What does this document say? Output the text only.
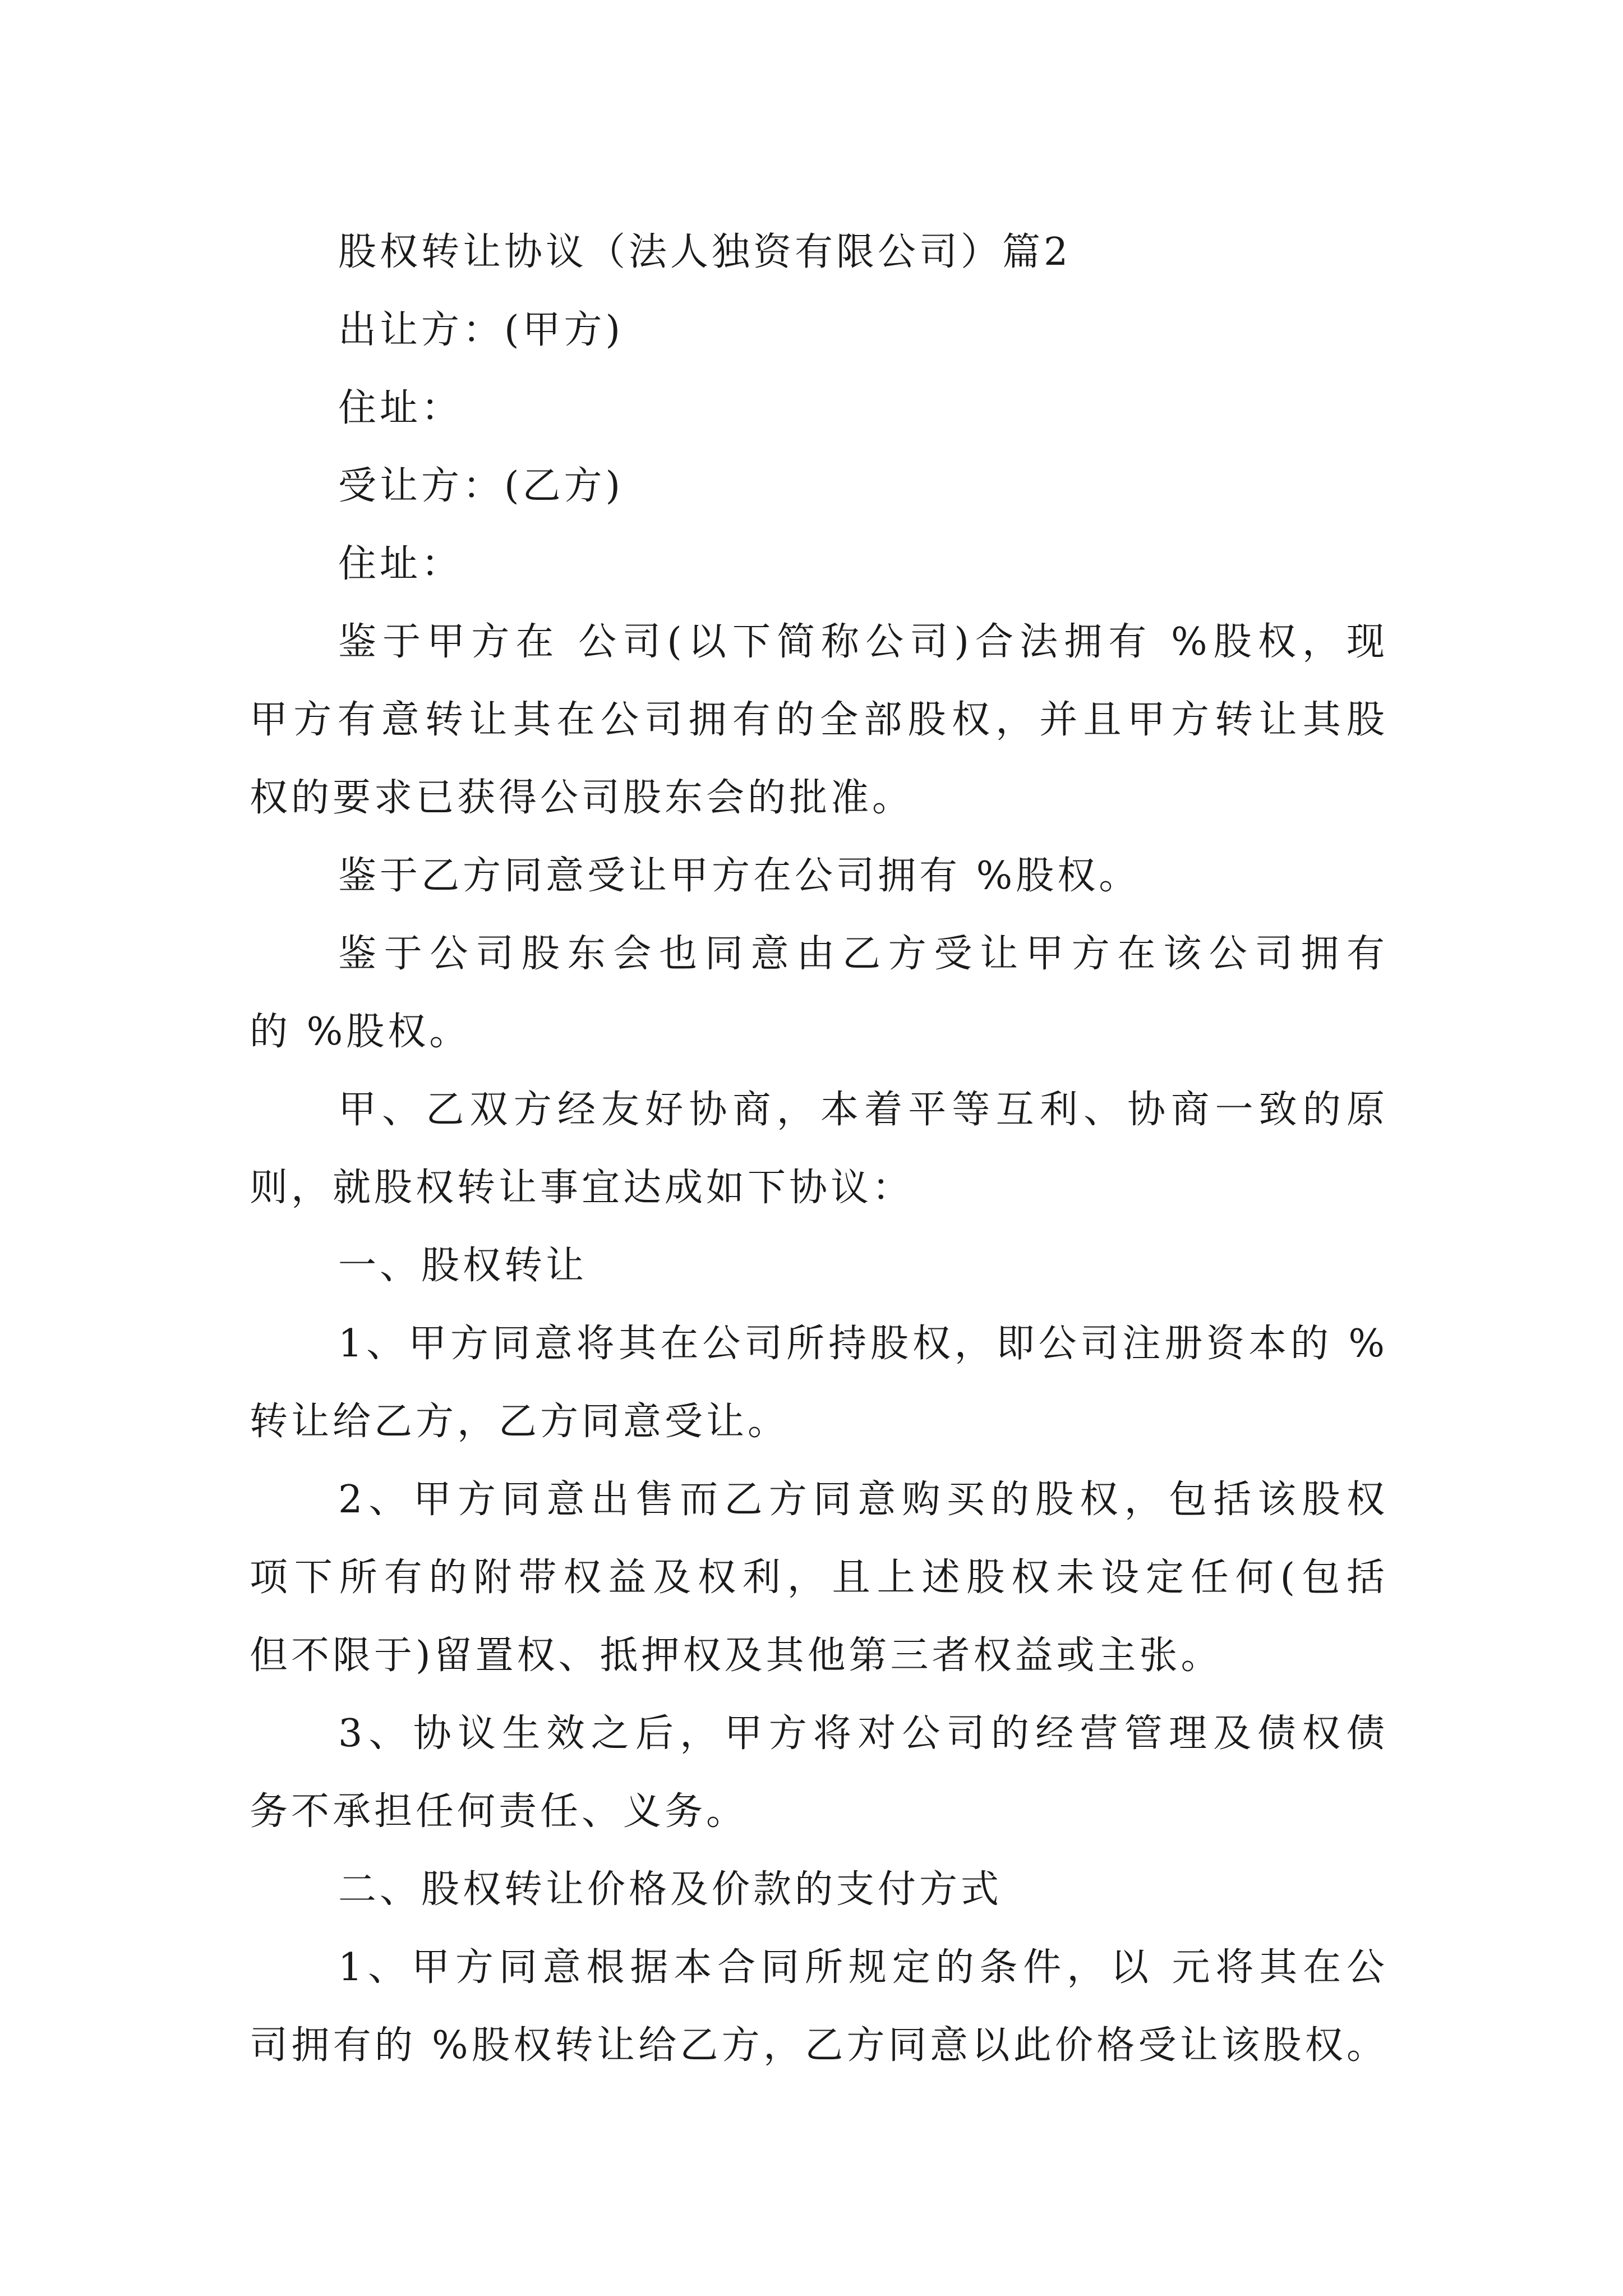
股权转让协议（法人独资有限公司）篇2
出让方：(甲方)
住址：
受让方：(乙方)
住址：
鉴于甲方在 公司(以下简称公司)合法拥有 %股权，现
甲方有意转让其在公司拥有的全部股权，并且甲方转让其股
权的要求已获得公司股东会的批准。
鉴于乙方同意受让甲方在公司拥有 %股权。
鉴于公司股东会也同意由乙方受让甲方在该公司拥有
的 %股权。
甲、乙双方经友好协商，本着平等互利、协商一致的原
则，就股权转让事宜达成如下协议：
一、股权转让
1、甲方同意将其在公司所持股权，即公司注册资本的 %
转让给乙方，乙方同意受让。
2、甲方同意出售而乙方同意购买的股权，包括该股权
项下所有的附带权益及权利，且上述股权未设定任何(包括
但不限于)留置权、抵押权及其他第三者权益或主张。
3、协议生效之后，甲方将对公司的经营管理及债权债
务不承担任何责任、义务。
二、股权转让价格及价款的支付方式
1、甲方同意根据本合同所规定的条件，以 元将其在公
司拥有的 %股权转让给乙方，乙方同意以此价格受让该股权。
